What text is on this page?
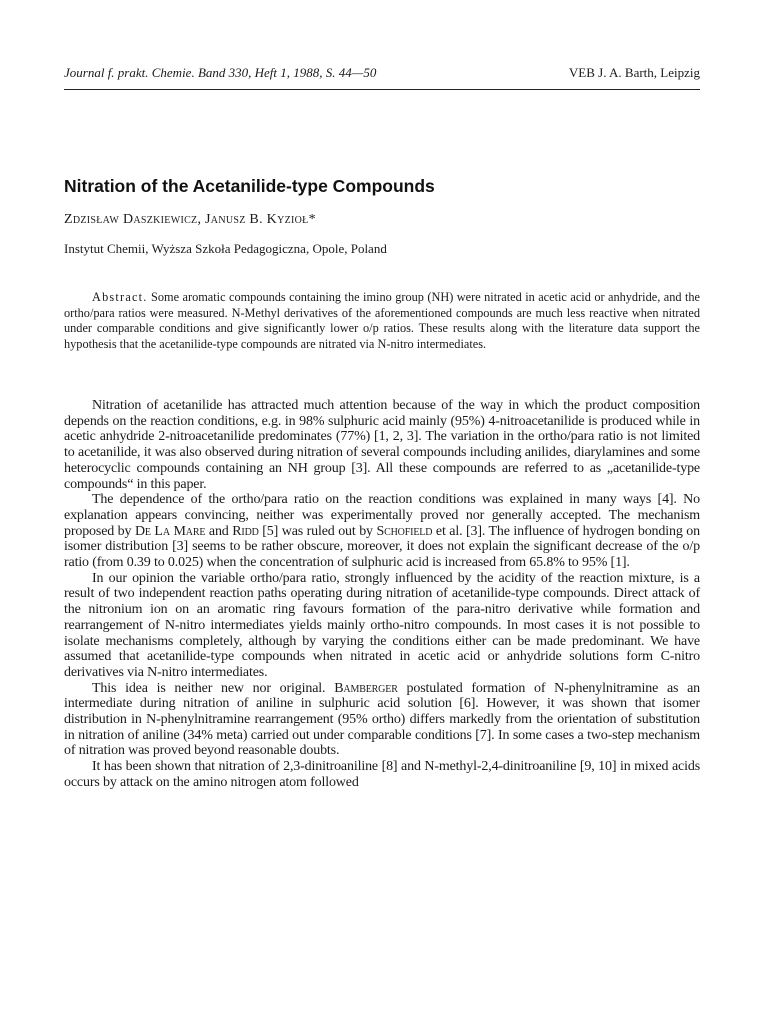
Journal f. prakt. Chemie. Band 330, Heft 1, 1988, S. 44—50	VEB J. A. Barth, Leipzig
Nitration of the Acetanilide-type Compounds
Zdzisław Daszkiewicz, Janusz B. Kyzioł*
Instytut Chemii, Wyższa Szkoła Pedagogiczna, Opole, Poland

Abstract. Some aromatic compounds containing the imino group (NH) were nitrated in acetic acid or anhydride, and the ortho/para ratios were measured. N-Methyl derivatives of the aforementioned compounds are much less reactive when nitrated under comparable conditions and give significantly lower o/p ratios. These results along with the literature data support the hypothesis that the acetanilide-type compounds are nitrated via N-nitro intermediates.

Nitration of acetanilide has attracted much attention because of the way in which the product composition depends on the reaction conditions, e.g. in 98% sulphuric acid mainly (95%) 4-nitroacetanilide is produced while in acetic anhydride 2-nitroacetanilide predominates (77%) [1, 2, 3]. The variation in the ortho/para ratio is not limited to acetanilide, it was also observed during nitration of several compounds including anilides, diarylamines and some heterocyclic compounds containing an NH group [3]. All these compounds are referred to as „acetanilide-type compounds“ in this paper.

The dependence of the ortho/para ratio on the reaction conditions was explained in many ways [4]. No explanation appears convincing, neither was experimentally proved nor generally accepted. The mechanism proposed by De La Mare and Ridd [5] was ruled out by Schofield et al. [3]. The influence of hydrogen bonding on isomer distribution [3] seems to be rather obscure, moreover, it does not explain the significant decrease of the o/p ratio (from 0.39 to 0.025) when the concentration of sulphuric acid is increased from 65.8% to 95% [1].

In our opinion the variable ortho/para ratio, strongly influenced by the acidity of the reaction mixture, is a result of two independent reaction paths operating during nitration of acetanilide-type compounds. Direct attack of the nitronium ion on an aromatic ring favours formation of the para-nitro derivative while formation and rearrangement of N-nitro intermediates yields mainly ortho-nitro compounds. In most cases it is not possible to isolate mechanisms completely, although by varying the conditions either can be made predominant. We have assumed that acetanilide-type compounds when nitrated in acetic acid or anhydride solutions form C-nitro derivatives via N-nitro intermediates.

This idea is neither new nor original. Bamberger postulated formation of N-phenylnitramine as an intermediate during nitration of aniline in sulphuric acid solution [6]. However, it was shown that isomer distribution in N-phenylnitramine rearrangement (95% ortho) differs markedly from the orientation of substitution in nitration of aniline (34% meta) carried out under comparable conditions [7]. In some cases a two-step mechanism of nitration was proved beyond reasonable doubts.

It has been shown that nitration of 2,3-dinitroaniline [8] and N-methyl-2,4-dinitroaniline [9, 10] in mixed acids occurs by attack on the amino nitrogen atom followed
